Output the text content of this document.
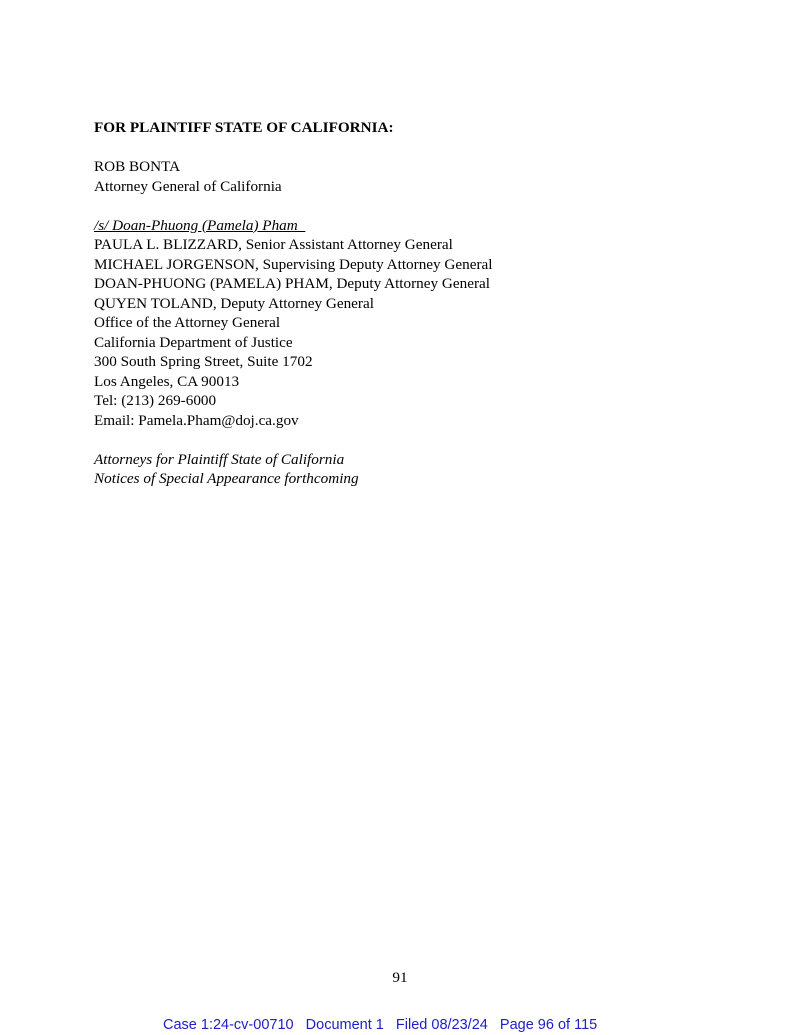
FOR PLAINTIFF STATE OF CALIFORNIA:

ROB BONTA

Attorney General of California

/s/ Doan-Phuong (Pamela) Pham

PAULA L. BLIZZARD, Senior Assistant Attorney General

MICHAEL JORGENSON, Supervising Deputy Attorney General

DOAN-PHUONG (PAMELA) PHAM, Deputy Attorney General

QUYEN TOLAND, Deputy Attorney General

Office of the Attorney General

California Department of Justice

300 South Spring Street, Suite 1702

Los Angeles, CA 90013

Tel: (213) 269-6000

Email: Pamela.Pham@doj.ca.gov

Attorneys for Plaintiff State of California

Notices of Special Appearance forthcoming

91
Case 1:24-cv-00710   Document 1   Filed 08/23/24   Page 96 of 115
